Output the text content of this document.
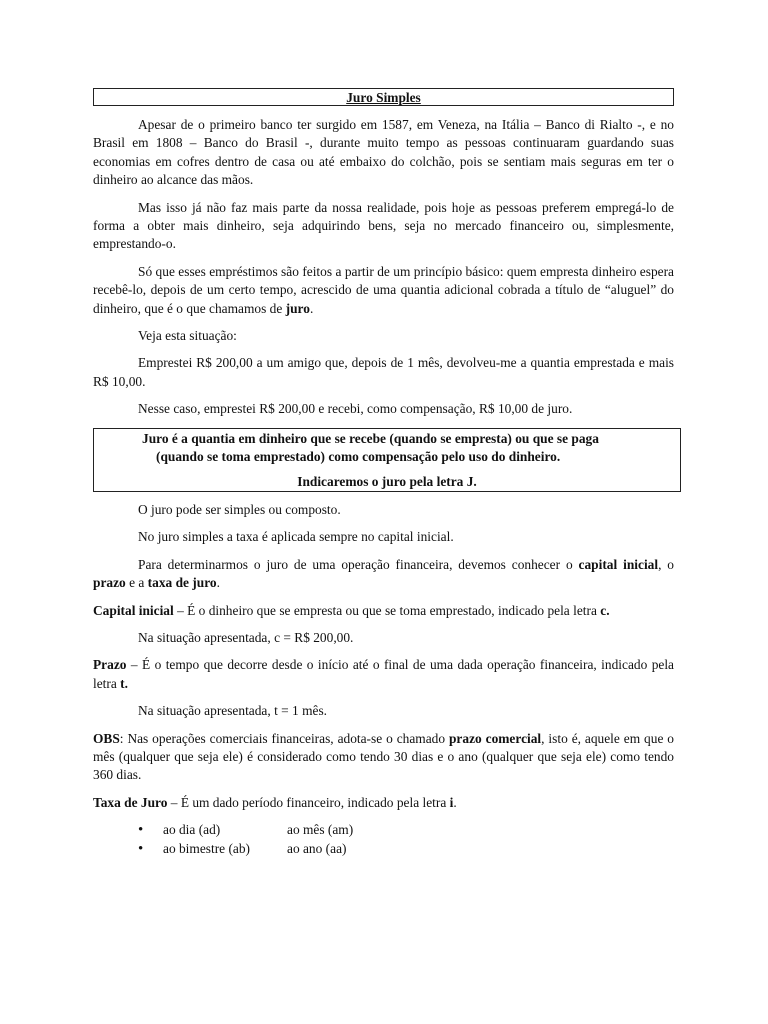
Juro Simples

Apesar de o primeiro banco ter surgido em 1587, em Veneza, na Itália – Banco di Rialto -, e no Brasil em 1808 – Banco do Brasil -, durante muito tempo as pessoas continuaram guardando suas economias em cofres dentro de casa ou até embaixo do colchão, pois se sentiam mais seguras em ter o dinheiro ao alcance das mãos.

Mas isso já não faz mais parte da nossa realidade, pois hoje as pessoas preferem empregá-lo de forma a obter mais dinheiro, seja adquirindo bens, seja no mercado financeiro ou, simplesmente, emprestando-o.

Só que esses empréstimos são feitos a partir de um princípio básico: quem empresta dinheiro espera recebê-lo, depois de um certo tempo, acrescido de uma quantia adicional cobrada a título de “aluguel” do dinheiro, que é o que chamamos de juro.

Veja esta situação:

Emprestei R$ 200,00 a um amigo que, depois de 1 mês, devolveu-me a quantia emprestada e mais R$ 10,00.

Nesse caso, emprestei R$ 200,00 e recebi, como compensação, R$ 10,00 de juro.

Juro é a quantia em dinheiro que se recebe (quando se empresta) ou que se paga
(quando se toma emprestado) como compensação pelo uso do dinheiro.
Indicaremos o juro pela letra J.

O juro pode ser simples ou composto.

No juro simples a taxa é aplicada sempre no capital inicial.

Para determinarmos o juro de uma operação financeira, devemos conhecer o capital inicial, o prazo e a taxa de juro.

Capital inicial – É o dinheiro que se empresta ou que se toma emprestado, indicado pela letra c.

Na situação apresentada, c = R$ 200,00.

Prazo – É o tempo que decorre desde o início até o final de uma dada operação financeira, indicado pela letra t.

Na situação apresentada, t = 1 mês.

OBS: Nas operações comerciais financeiras, adota-se o chamado prazo comercial, isto é, aquele em que o mês (qualquer que seja ele) é considerado como tendo 30 dias e o ano (qualquer que seja ele) como tendo 360 dias.

Taxa de Juro – É um dado período financeiro, indicado pela letra i.

• ao dia (ad)	ao mês (am)
• ao bimestre (ab)	ao ano (aa)
